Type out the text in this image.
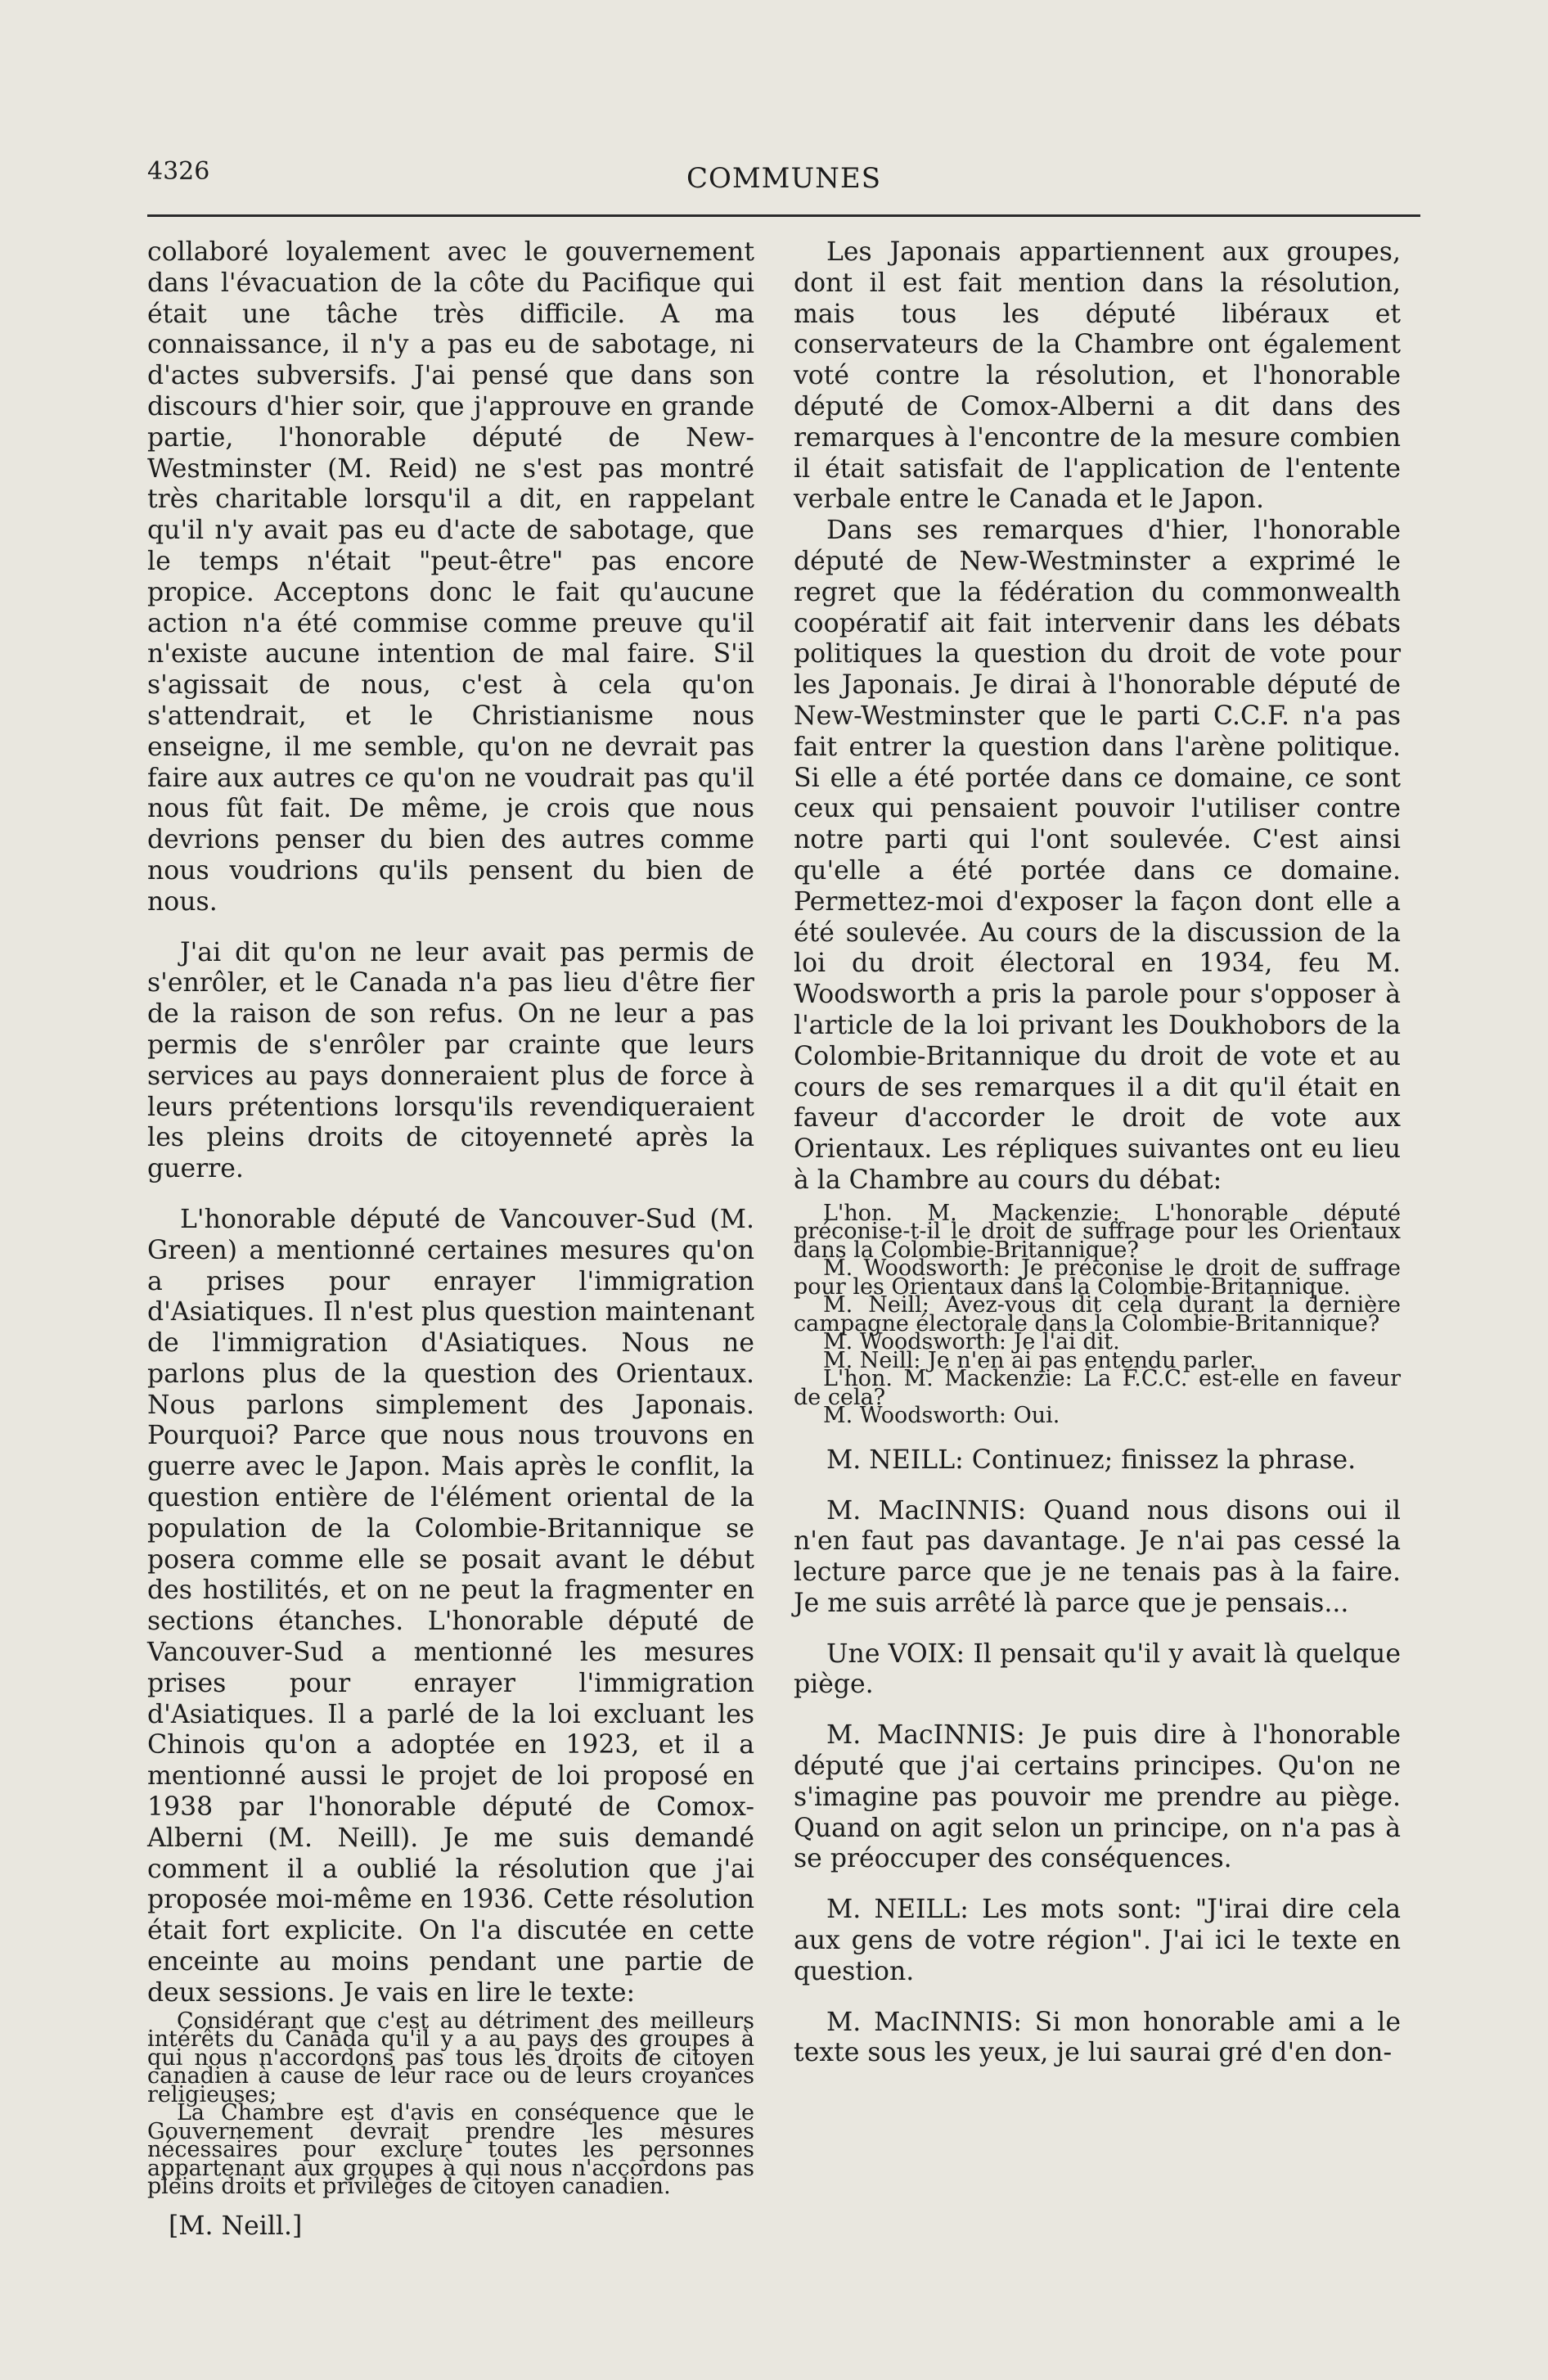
4326	COMMUNES

collaboré loyalement avec le gouvernement dans l'évacuation de la côte du Pacifique qui était une tâche très difficile. A ma connaissance, il n'y a pas eu de sabotage, ni d'actes subversifs. J'ai pensé que dans son discours d'hier soir, que j'approuve en grande partie, l'honorable député de New-Westminster (M. Reid) ne s'est pas montré très charitable lorsqu'il a dit, en rappelant qu'il n'y avait pas eu d'acte de sabotage, que le temps n'était "peut-être" pas encore propice. Acceptons donc le fait qu'aucune action n'a été commise comme preuve qu'il n'existe aucune intention de mal faire. S'il s'agissait de nous, c'est à cela qu'on s'attendrait, et le Christianisme nous enseigne, il me semble, qu'on ne devrait pas faire aux autres ce qu'on ne voudrait pas qu'il nous fût fait. De même, je crois que nous devrions penser du bien des autres comme nous voudrions qu'ils pensent du bien de nous.

J'ai dit qu'on ne leur avait pas permis de s'enrôler, et le Canada n'a pas lieu d'être fier de la raison de son refus. On ne leur a pas permis de s'enrôler par crainte que leurs services au pays donneraient plus de force à leurs prétentions lorsqu'ils revendiqueraient les pleins droits de citoyenneté après la guerre.

L'honorable député de Vancouver-Sud (M. Green) a mentionné certaines mesures qu'on a prises pour enrayer l'immigration d'Asiatiques. Il n'est plus question maintenant de l'immigration d'Asiatiques. Nous ne parlons plus de la question des Orientaux. Nous parlons simplement des Japonais. Pourquoi? Parce que nous nous trouvons en guerre avec le Japon. Mais après le conflit, la question entière de l'élément oriental de la population de la Colombie-Britannique se posera comme elle se posait avant le début des hostilités, et on ne peut la fragmenter en sections étanches. L'honorable député de Vancouver-Sud a mentionné les mesures prises pour enrayer l'immigration d'Asiatiques. Il a parlé de la loi excluant les Chinois qu'on a adoptée en 1923, et il a mentionné aussi le projet de loi proposé en 1938 par l'honorable député de Comox-Alberni (M. Neill). Je me suis demandé comment il a oublié la résolution que j'ai proposée moi-même en 1936. Cette résolution était fort explicite. On l'a discutée en cette enceinte au moins pendant une partie de deux sessions. Je vais en lire le texte:

Considérant que c'est au détriment des meilleurs intérêts du Canada qu'il y a au pays des groupes à qui nous n'accordons pas tous les droits de citoyen canadien à cause de leur race ou de leurs croyances religieuses;

La Chambre est d'avis en conséquence que le Gouvernement devrait prendre les mesures nécessaires pour exclure toutes les personnes appartenant aux groupes à qui nous n'accordons pas pleins droits et privilèges de citoyen canadien.

[M. Neill.]

Les Japonais appartiennent aux groupes, dont il est fait mention dans la résolution, mais tous les député libéraux et conservateurs de la Chambre ont également voté contre la résolution, et l'honorable député de Comox-Alberni a dit dans des remarques à l'encontre de la mesure combien il était satisfait de l'application de l'entente verbale entre le Canada et le Japon.

Dans ses remarques d'hier, l'honorable député de New-Westminster a exprimé le regret que la fédération du commonwealth coopératif ait fait intervenir dans les débats politiques la question du droit de vote pour les Japonais. Je dirai à l'honorable député de New-Westminster que le parti C.C.F. n'a pas fait entrer la question dans l'arène politique. Si elle a été portée dans ce domaine, ce sont ceux qui pensaient pouvoir l'utiliser contre notre parti qui l'ont soulevée. C'est ainsi qu'elle a été portée dans ce domaine. Permettez-moi d'exposer la façon dont elle a été soulevée. Au cours de la discussion de la loi du droit électoral en 1934, feu M. Woodsworth a pris la parole pour s'opposer à l'article de la loi privant les Doukhobors de la Colombie-Britannique du droit de vote et au cours de ses remarques il a dit qu'il était en faveur d'accorder le droit de vote aux Orientaux. Les répliques suivantes ont eu lieu à la Chambre au cours du débat:

L'hon. M. Mackenzie: L'honorable député préconise-t-il le droit de suffrage pour les Orientaux dans la Colombie-Britannique?

M. Woodsworth: Je préconise le droit de suffrage pour les Orientaux dans la Colombie-Britannique.

M. Neill: Avez-vous dit cela durant la dernière campagne électorale dans la Colombie-Britannique?

M. Woodsworth: Je l'ai dit.

M. Neill: Je n'en ai pas entendu parler.

L'hon. M. Mackenzie: La F.C.C. est-elle en faveur de cela?

M. Woodsworth: Oui.

M. NEILL: Continuez; finissez la phrase.

M. MacINNIS: Quand nous disons oui il n'en faut pas davantage. Je n'ai pas cessé la lecture parce que je ne tenais pas à la faire. Je me suis arrêté là parce que je pensais...

Une VOIX: Il pensait qu'il y avait là quelque piège.

M. MacINNIS: Je puis dire à l'honorable député que j'ai certains principes. Qu'on ne s'imagine pas pouvoir me prendre au piège. Quand on agit selon un principe, on n'a pas à se préoccuper des conséquences.

M. NEILL: Les mots sont: "J'irai dire cela aux gens de votre région". J'ai ici le texte en question.

M. MacINNIS: Si mon honorable ami a le texte sous les yeux, je lui saurai gré d'en don-
